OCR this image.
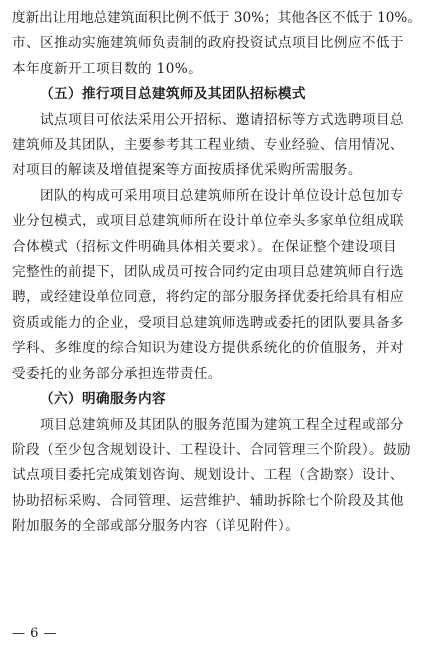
度新出让用地总建筑面积比例不低于 30%；其他各区不低于 10%。
市、区推动实施建筑师负责制的政府投资试点项目比例应不低于
本年度新开工项目数的 10%。
（五）推行项目总建筑师及其团队招标模式
试点项目可依法采用公开招标、邀请招标等方式选聘项目总
建筑师及其团队，主要参考其工程业绩、专业经验、信用情况、
对项目的解读及增值提案等方面按质择优采购所需服务。
团队的构成可采用项目总建筑师所在设计单位设计总包加专
业分包模式，或项目总建筑师所在设计单位牵头多家单位组成联
合体模式（招标文件明确具体相关要求）。在保证整个建设项目
完整性的前提下，团队成员可按合同约定由项目总建筑师自行选
聘，或经建设单位同意，将约定的部分服务择优委托给具有相应
资质或能力的企业，受项目总建筑师选聘或委托的团队要具备多
学科、多维度的综合知识为建设方提供系统化的价值服务，并对
受委托的业务部分承担连带责任。
（六）明确服务内容
项目总建筑师及其团队的服务范围为建筑工程全过程或部分
阶段（至少包含规划设计、工程设计、合同管理三个阶段）。鼓励
试点项目委托完成策划咨询、规划设计、工程（含勘察）设计、
协助招标采购、合同管理、运营维护、辅助拆除七个阶段及其他
附加服务的全部或部分服务内容（详见附件）。
— 6 —
